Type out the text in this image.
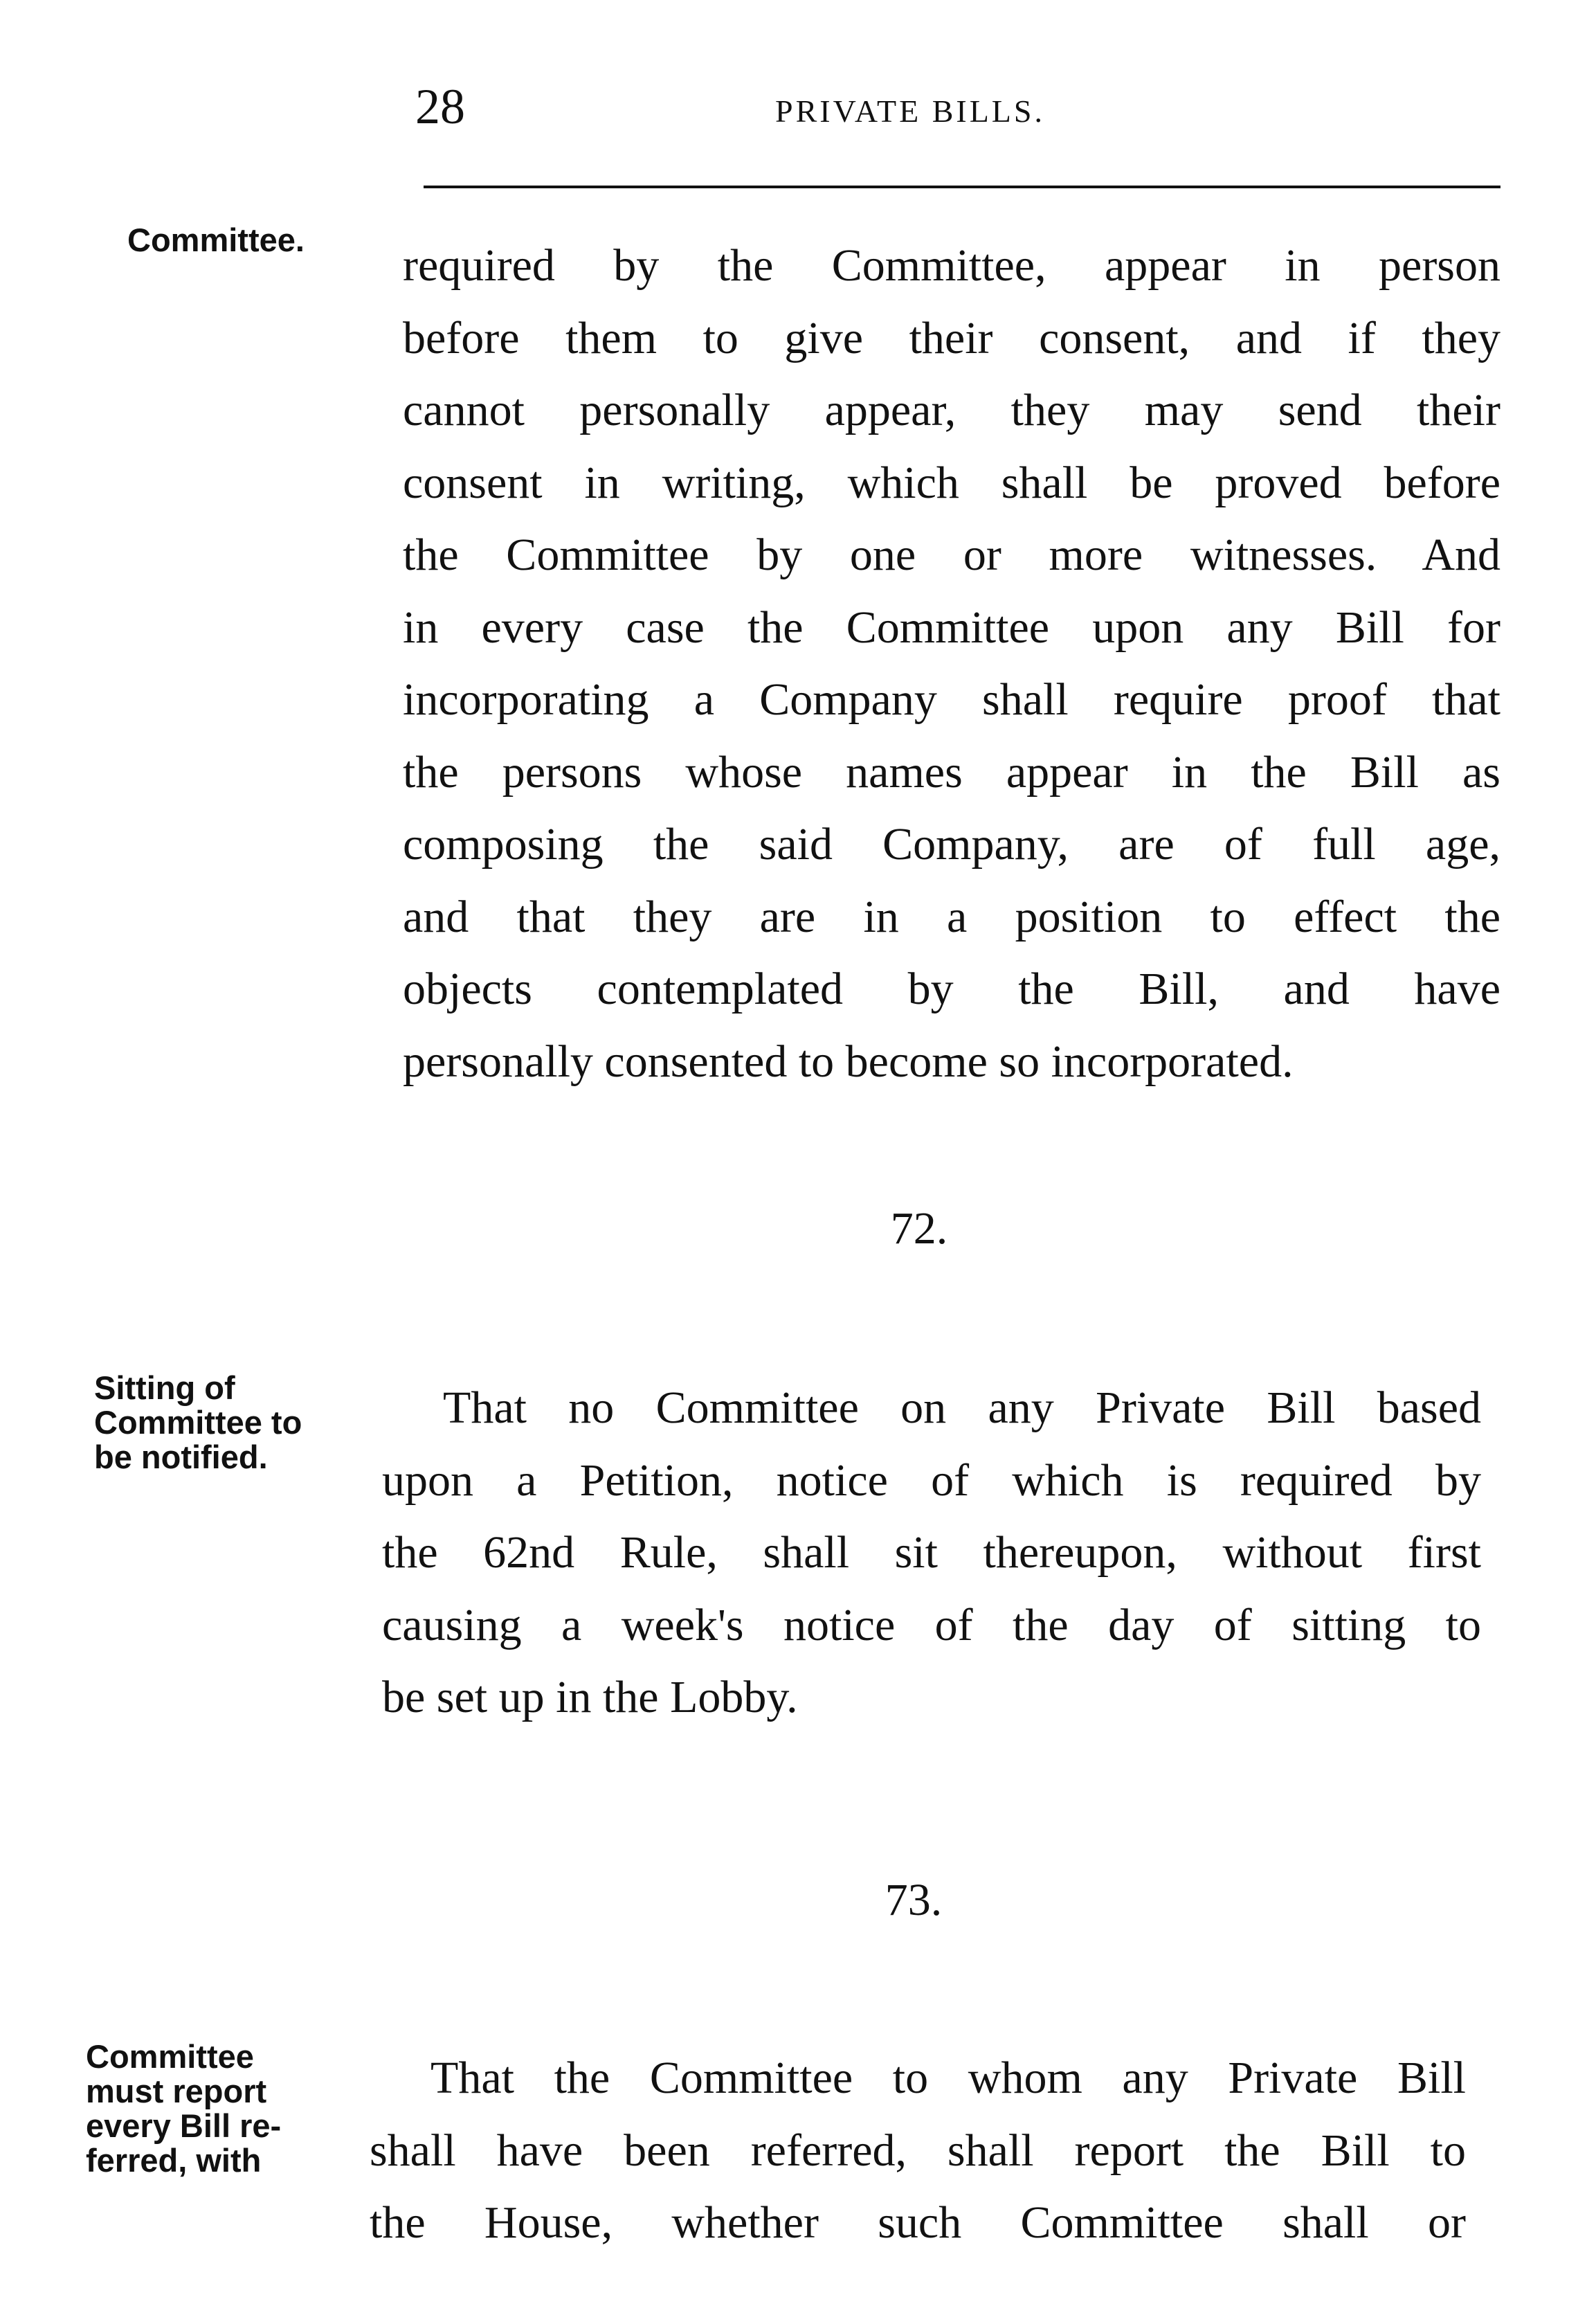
28	PRIVATE BILLS.
Committee.
required by the Committee, appear in person
before them to give their consent, and if they
cannot personally appear, they may send their
consent in writing, which shall be proved before
the Committee by one or more witnesses. And
in every case the Committee upon any Bill for
incorporating a Company shall require proof that
the persons whose names appear in the Bill as
composing the said Company, are of full age,
and that they are in a position to effect the
objects contemplated by the Bill, and have
personally consented to become so incorporated.
72.
Sitting of
Committee to
be notified.
That no Committee on any Private Bill based
upon a Petition, notice of which is required by
the 62nd Rule, shall sit thereupon, without first
causing a week's notice of the day of sitting to
be set up in the Lobby.
73.
Committee
must report
every Bill re-
ferred, with
That the Committee to whom any Private Bill
shall have been referred, shall report the Bill to
the House, whether such Committee shall or
